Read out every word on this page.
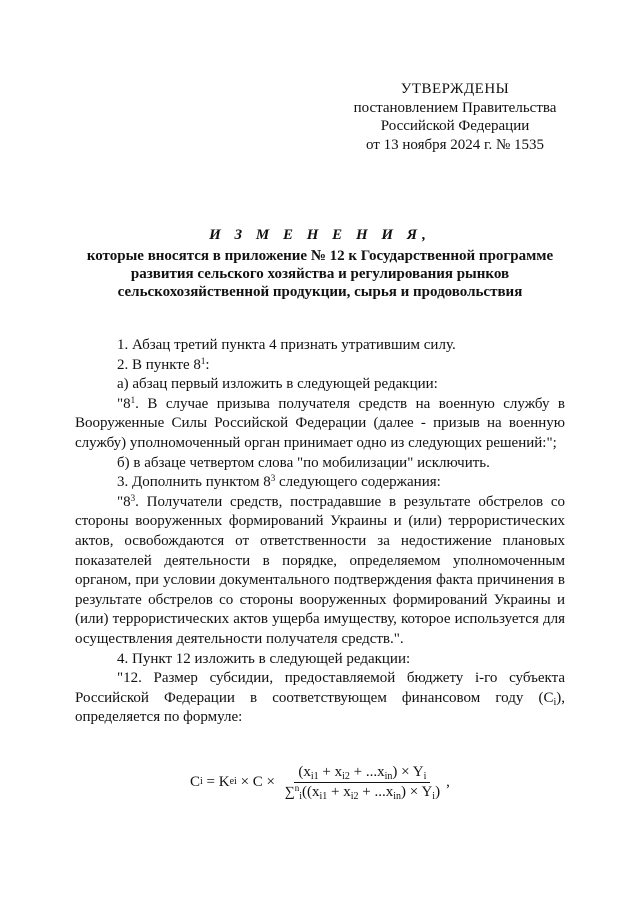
УТВЕРЖДЕНЫ
постановлением Правительства
Российской Федерации
от 13 ноября 2024 г. № 1535
И З М Е Н Е Н И Я,
которые вносятся в приложение № 12 к Государственной программе развития сельского хозяйства и регулирования рынков сельскохозяйственной продукции, сырья и продовольствия

1. Абзац третий пункта 4 признать утратившим силу.

2. В пункте $8^1$:

а) абзац первый изложить в следующей редакции:

"$8^1$. В случае призыва получателя средств на военную службу в Вооруженные Силы Российской Федерации (далее - призыв на военную службу) уполномоченный орган принимает одно из следующих решений:";

б) в абзаце четвертом слова "по мобилизации" исключить.

3. Дополнить пунктом $8^3$ следующего содержания:

"$8^3$. Получатели средств, пострадавшие в результате обстрелов со стороны вооруженных формирований Украины и (или) террористических актов, освобождаются от ответственности за недостижение плановых показателей деятельности в порядке, определяемом уполномоченным органом, при условии документального подтверждения факта причинения в результате обстрелов со стороны вооруженных формирований Украины и (или) террористических актов ущерба имуществу, которое используется для осуществления деятельности получателя средств.".

4. Пункт 12 изложить в следующей редакции:

"12. Размер субсидии, предоставляемой бюджету i-го субъекта Российской Федерации в соответствующем финансовом году $(C_i)$, определяется по формуле:

C i = K ei × $C \times \frac{(x_{i1} + x_{i2} + ...x_{in}) \times Y_i}{\sum^n_i((x_{i1} + x_{i2} + ...x_{in}) \times Y_i)}$ ,
